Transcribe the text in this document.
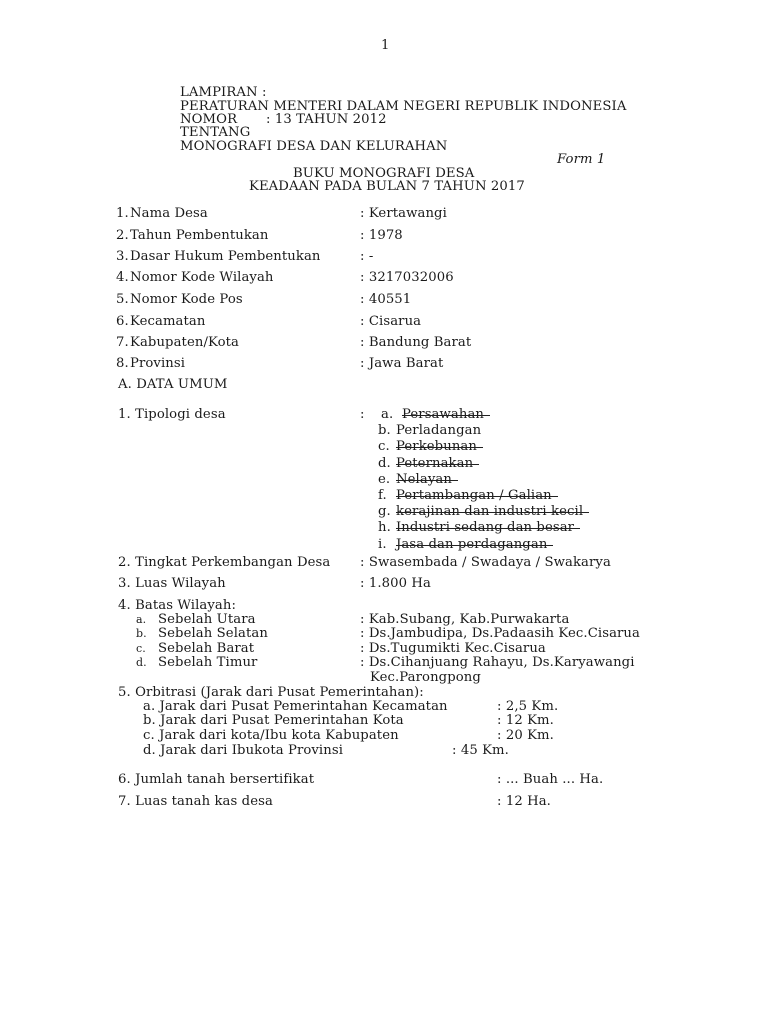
1
LAMPIRAN :
PERATURAN MENTERI DALAM NEGERI REPUBLIK INDONESIA
NOMOR : 13 TAHUN 2012
TENTANG
MONOGRAFI DESA DAN KELURAHAN
Form 1
BUKU MONOGRAFI DESA
KEADAAN PADA BULAN 7 TAHUN 2017
1. Nama Desa	: Kertawangi
2. Tahun Pembentukan	: 1978
3. Dasar Hukum Pembentukan	: -
4. Nomor Kode Wilayah	: 3217032006
5. Nomor Kode Pos	: 40551
6. Kecamatan	: Cisarua
7. Kabupaten/Kota	: Bandung Barat
8. Provinsi	: Jawa Barat
A. DATA UMUM
1. Tipologi desa	: a. Persawahan
b. Perladangan
c. Perkebunan
d. Peternakan
e. Nelayan
f. Pertambangan / Galian
g. kerajinan dan industri kecil
h. Industri sedang dan besar
i. Jasa dan perdagangan
2. Tingkat Perkembangan Desa : Swasembada / Swadaya / Swakarya
3. Luas Wilayah	: 1.800 Ha
4. Batas Wilayah:
a. Sebelah Utara	: Kab.Subang, Kab.Purwakarta
b. Sebelah Selatan	: Ds.Jambudipa, Ds.Padaasih Kec.Cisarua
c. Sebelah Barat	: Ds.Tugumikti Kec.Cisarua
d. Sebelah Timur	: Ds.Cihanjuang Rahayu, Ds.Karyawangi
Kec.Parongpong
5. Orbitrasi (Jarak dari Pusat Pemerintahan):
a. Jarak dari Pusat Pemerintahan Kecamatan	: 2,5 Km.
b. Jarak dari Pusat Pemerintahan Kota	: 12 Km.
c. Jarak dari kota/Ibu kota Kabupaten	: 20 Km.
d. Jarak dari Ibukota Provinsi	: 45 Km.
6. Jumlah tanah bersertifikat	: ... Buah ... Ha.
7. Luas tanah kas desa	: 12 Ha.
